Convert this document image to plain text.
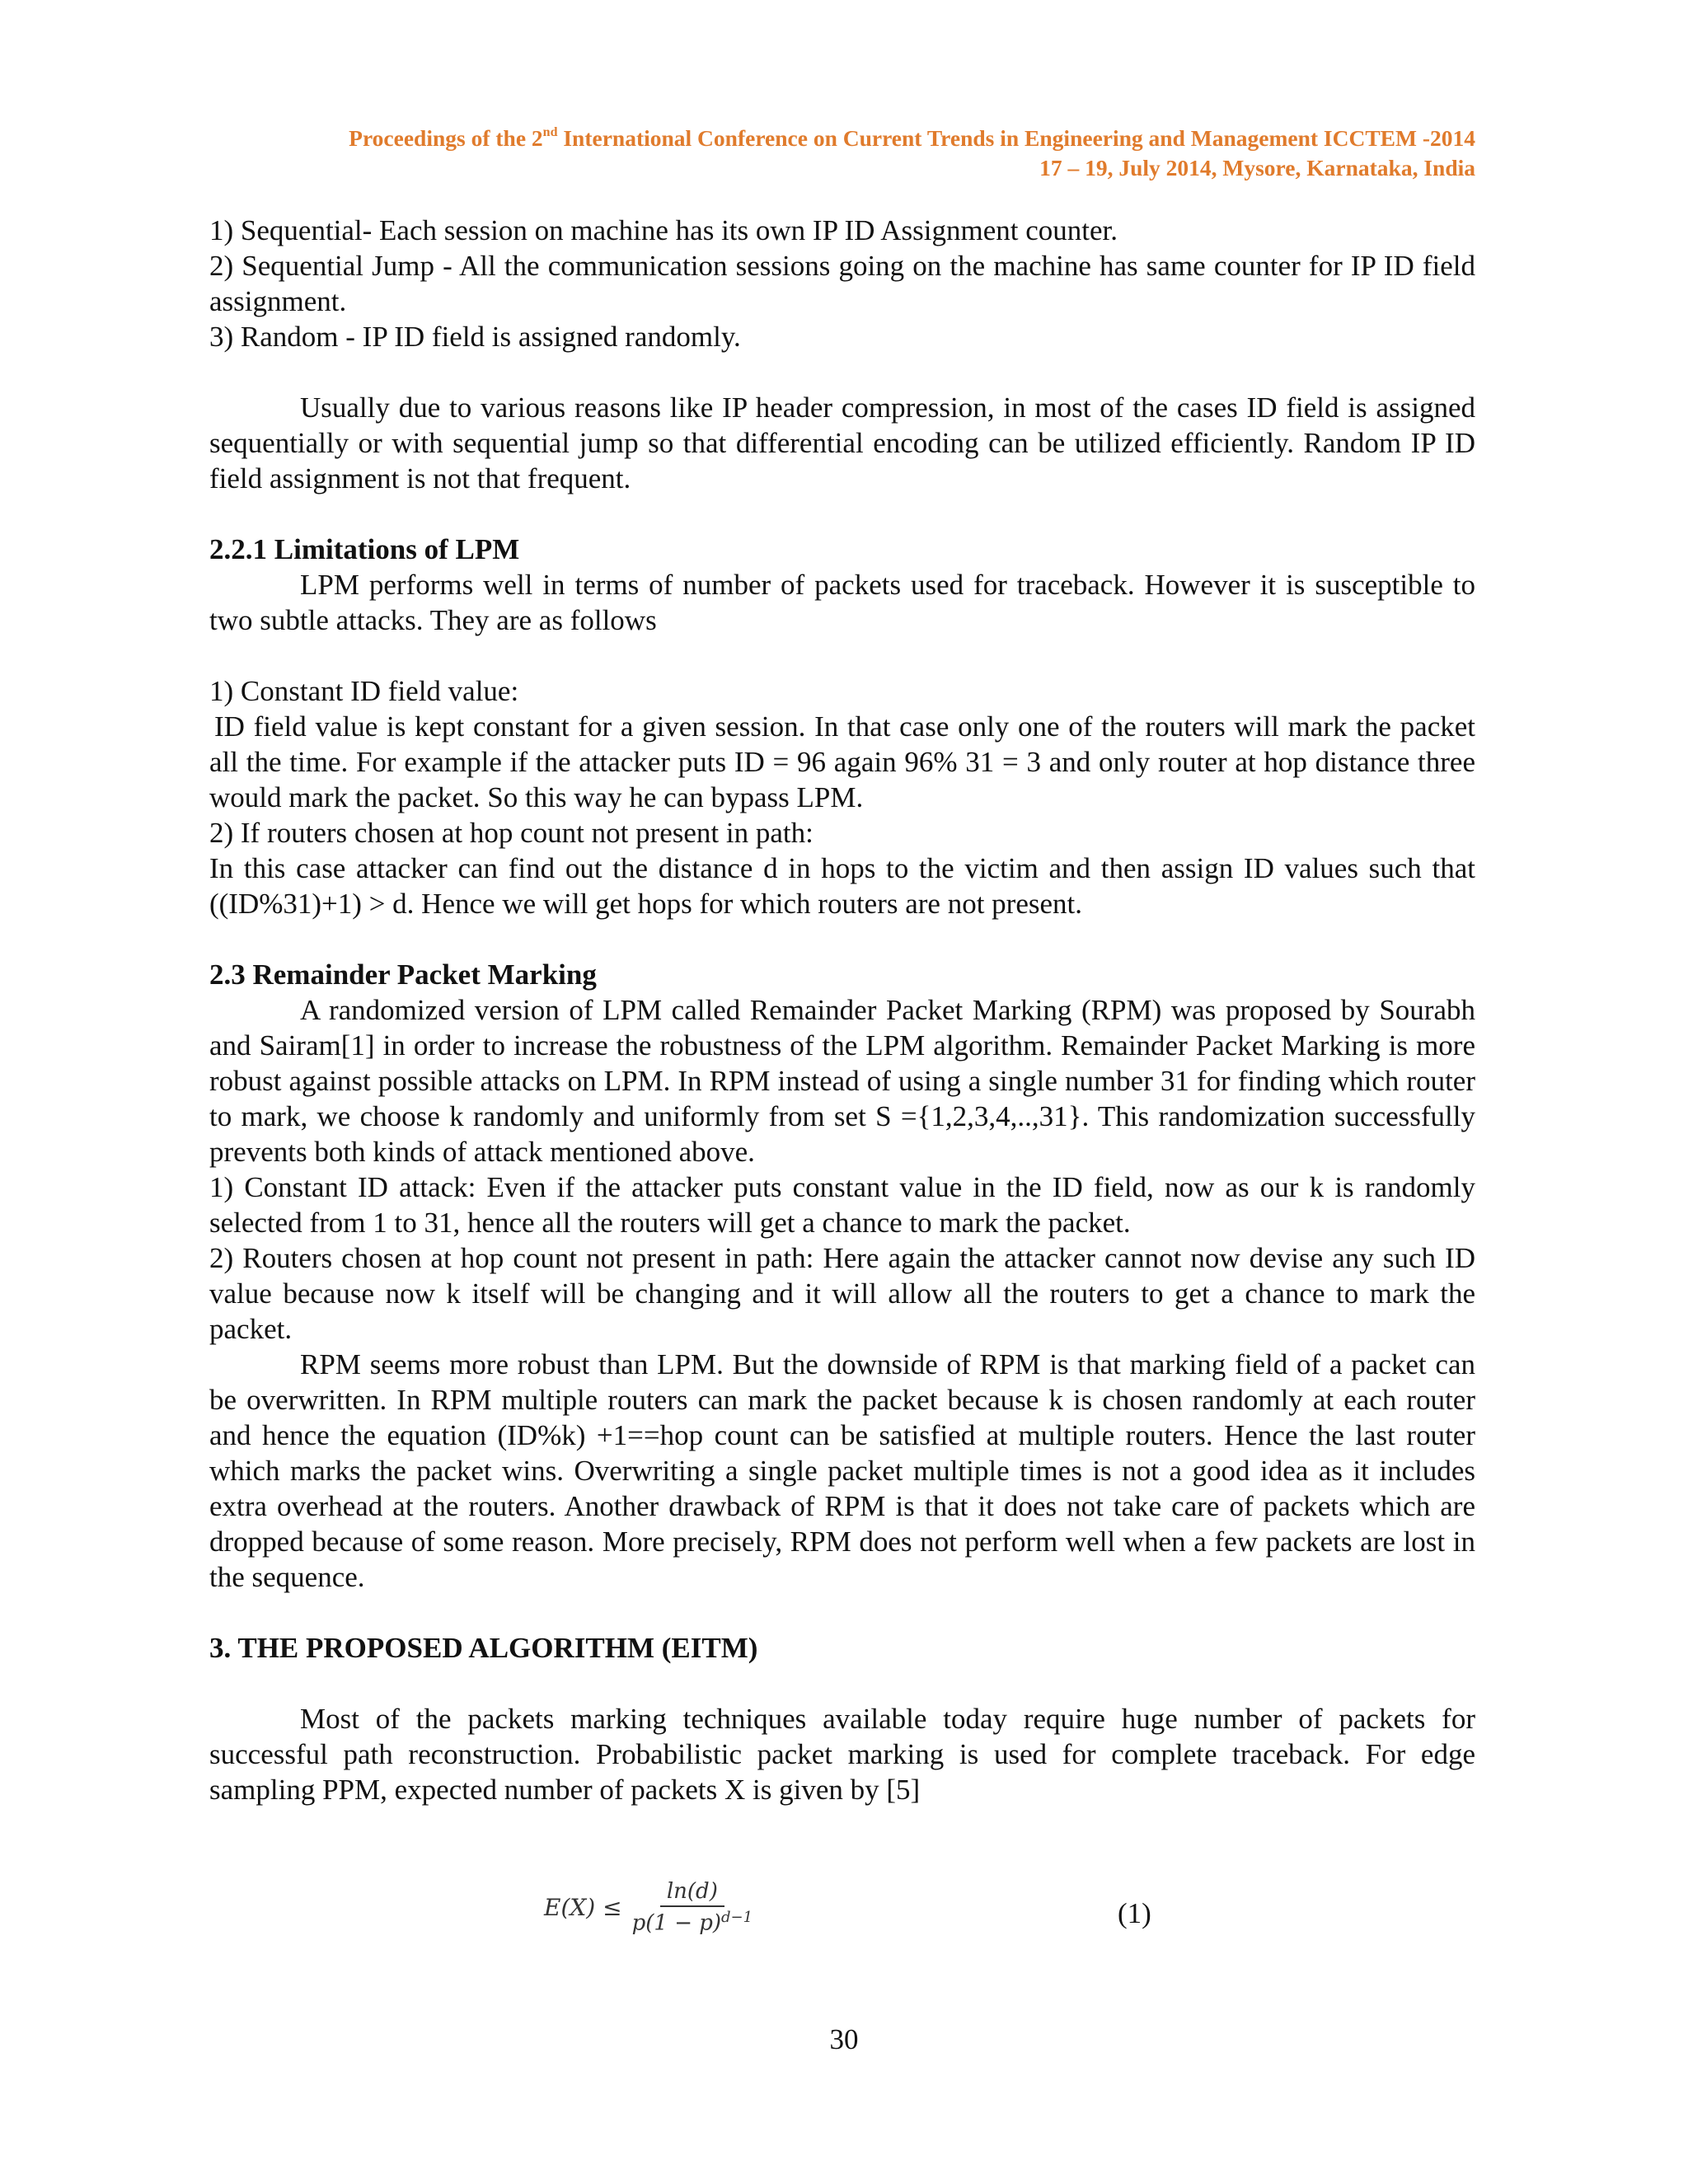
Proceedings of the 2nd International Conference on Current Trends in Engineering and Management ICCTEM -2014
17 – 19, July 2014, Mysore, Karnataka, India

1) Sequential- Each session on machine has its own IP ID Assignment counter.

2) Sequential Jump - All the communication sessions going on the machine has same counter for IP ID field assignment.

3) Random - IP ID field is assigned randomly.

Usually due to various reasons like IP header compression, in most of the cases ID field is assigned sequentially or with sequential jump so that differential encoding can be utilized efficiently. Random IP ID field assignment is not that frequent.

2.2.1 Limitations of LPM

LPM performs well in terms of number of packets used for traceback. However it is susceptible to two subtle attacks. They are as follows

1) Constant ID field value:

ID field value is kept constant for a given session. In that case only one of the routers will mark the packet all the time. For example if the attacker puts ID = 96 again 96% 31 = 3 and only router at hop distance three would mark the packet. So this way he can bypass LPM.

2) If routers chosen at hop count not present in path:

In this case attacker can find out the distance d in hops to the victim and then assign ID values such that ((ID%31)+1) > d. Hence we will get hops for which routers are not present.

2.3 Remainder Packet Marking

A randomized version of LPM called Remainder Packet Marking (RPM) was proposed by Sourabh and Sairam[1] in order to increase the robustness of the LPM algorithm. Remainder Packet Marking is more robust against possible attacks on LPM. In RPM instead of using a single number 31 for finding which router to mark, we choose k randomly and uniformly from set S ={1,2,3,4,..,31}. This randomization successfully prevents both kinds of attack mentioned above.

1) Constant ID attack: Even if the attacker puts constant value in the ID field, now as our k is randomly selected from 1 to 31, hence all the routers will get a chance to mark the packet.

2) Routers chosen at hop count not present in path: Here again the attacker cannot now devise any such ID value because now k itself will be changing and it will allow all the routers to get a chance to mark the packet.

RPM seems more robust than LPM. But the downside of RPM is that marking field of a packet can be overwritten. In RPM multiple routers can mark the packet because k is chosen randomly at each router and hence the equation (ID%k) +1==hop count can be satisfied at multiple routers. Hence the last router which marks the packet wins. Overwriting a single packet multiple times is not a good idea as it includes extra overhead at the routers. Another drawback of RPM is that it does not take care of packets which are dropped because of some reason. More precisely, RPM does not perform well when a few packets are lost in the sequence.

3. THE PROPOSED ALGORITHM (EITM)

Most of the packets marking techniques available today require huge number of packets for successful path reconstruction. Probabilistic packet marking is used for complete traceback. For edge sampling PPM, expected number of packets X is given by [5]

$E(X) \le \frac{\ln(d)}{p(1 - p)^{d-1}}$	(1)
30
